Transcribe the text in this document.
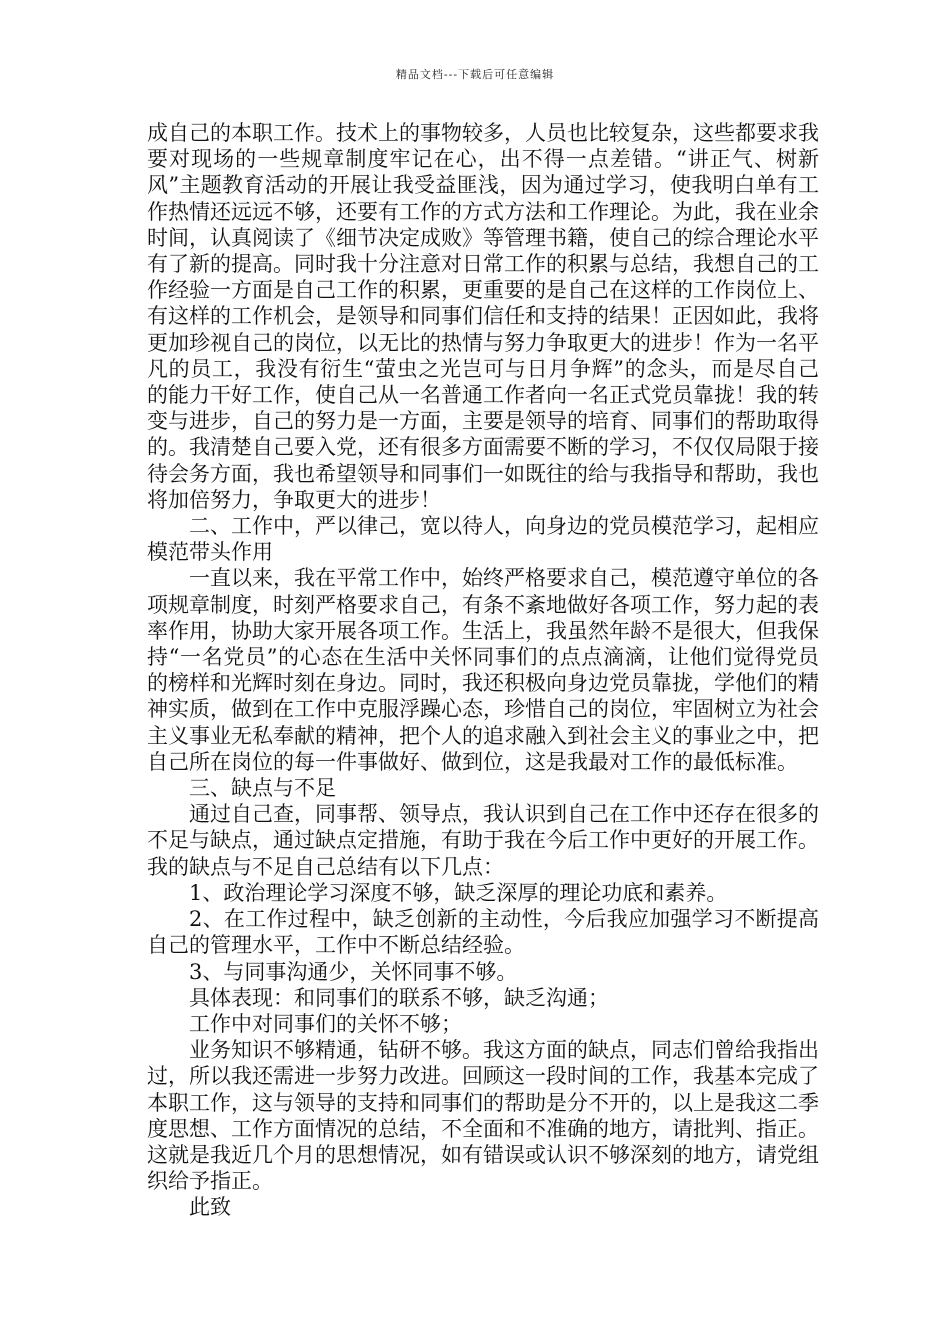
精品文档---下载后可任意编辑

成自己的本职工作。技术上的事物较多，人员也比较复杂，这些都要求我要对现场的一些规章制度牢记在心，出不得一点差错。“讲正气、树新风”主题教育活动的开展让我受益匪浅，因为通过学习，使我明白单有工作热情还远远不够，还要有工作的方式方法和工作理论。为此，我在业余时间，认真阅读了《细节决定成败》等管理书籍，使自己的综合理论水平有了新的提高。同时我十分注意对日常工作的积累与总结，我想自己的工作经验一方面是自己工作的积累，更重要的是自己在这样的工作岗位上、有这样的工作机会，是领导和同事们信任和支持的结果！正因如此，我将更加珍视自己的岗位，以无比的热情与努力争取更大的进步！作为一名平凡的员工，我没有衍生“萤虫之光岂可与日月争辉”的念头，而是尽自己的能力干好工作，使自己从一名普通工作者向一名正式党员靠拢！我的转变与进步，自己的努力是一方面，主要是领导的培育、同事们的帮助取得的。我清楚自己要入党，还有很多方面需要不断的学习，不仅仅局限于接待会务方面，我也希望领导和同事们一如既往的给与我指导和帮助，我也将加倍努力，争取更大的进步！

二、工作中，严以律己，宽以待人，向身边的党员模范学习，起相应模范带头作用

一直以来，我在平常工作中，始终严格要求自己，模范遵守单位的各项规章制度，时刻严格要求自己，有条不紊地做好各项工作，努力起的表率作用，协助大家开展各项工作。生活上，我虽然年龄不是很大，但我保持“一名党员”的心态在生活中关怀同事们的点点滴滴，让他们觉得党员的榜样和光辉时刻在身边。同时，我还积极向身边党员靠拢，学他们的精神实质，做到在工作中克服浮躁心态，珍惜自己的岗位，牢固树立为社会主义事业无私奉献的精神，把个人的追求融入到社会主义的事业之中，把自己所在岗位的每一件事做好、做到位，这是我最对工作的最低标准。

三、缺点与不足

通过自己查，同事帮、领导点，我认识到自己在工作中还存在很多的不足与缺点，通过缺点定措施，有助于我在今后工作中更好的开展工作。我的缺点与不足自己总结有以下几点：

1、政治理论学习深度不够，缺乏深厚的理论功底和素养。

2、在工作过程中，缺乏创新的主动性，今后我应加强学习不断提高自己的管理水平，工作中不断总结经验。

3、与同事沟通少，关怀同事不够。

具体表现：和同事们的联系不够，缺乏沟通；

工作中对同事们的关怀不够；

业务知识不够精通，钻研不够。我这方面的缺点，同志们曾给我指出过，所以我还需进一步努力改进。回顾这一段时间的工作，我基本完成了本职工作，这与领导的支持和同事们的帮助是分不开的，以上是我这二季度思想、工作方面情况的总结，不全面和不准确的地方，请批判、指正。这就是我近几个月的思想情况，如有错误或认识不够深刻的地方，请党组织给予指正。

此致
